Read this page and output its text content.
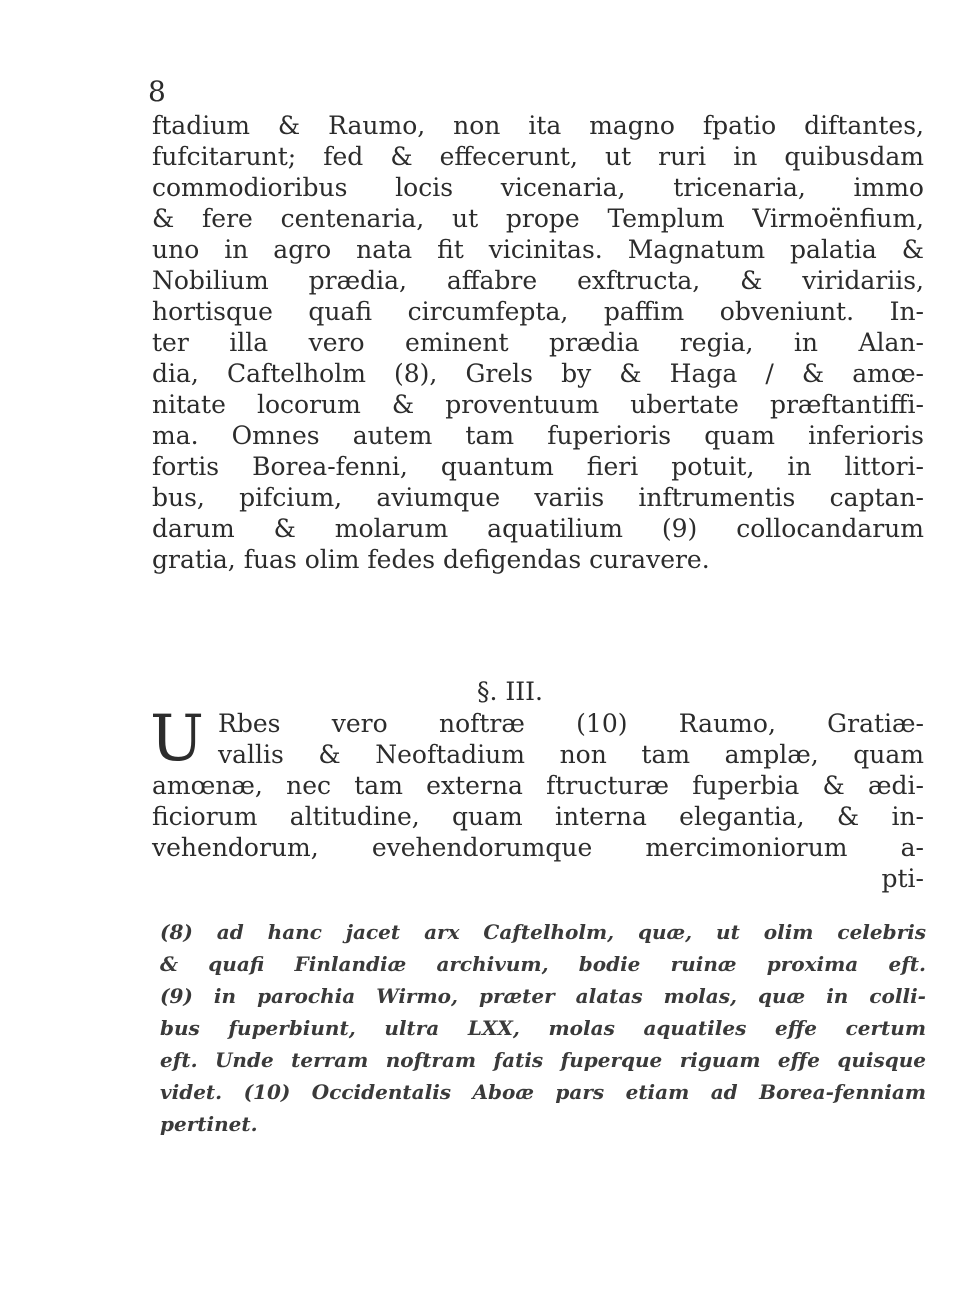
8
ftadium & Raumo, non ita magno fpatio diftantes,
fufcitarunt; fed & effecerunt, ut ruri in quibusdam
commodioribus locis vicenaria, tricenaria, immo
& fere centenaria, ut prope Templum Virmoënfium,
uno in agro nata fit vicinitas. Magnatum palatia &
Nobilium prædia, affabre exftructa, & viridariis,
hortisque quafi circumfepta, paffim obveniunt. In-
ter illa vero eminent prædia regia, in Alan-
dia, Caftelholm (8), Grels by & Haga / & amœ-
nitate locorum & proventuum ubertate præftantiffi-
ma. Omnes autem tam fuperioris quam inferioris
fortis Borea-fenni, quantum fieri potuit, in littori-
bus, pifcium, aviumque variis inftrumentis captan-
darum & molarum aquatilium (9) collocandarum
gratia, fuas olim fedes defigendas curavere.
§. III.
U Rbes vero noftræ (10) Raumo, Gratiæ-
vallis & Neoftadium non tam amplæ, quam
amœnæ, nec tam externa ftructuræ fuperbia & ædi-
ficiorum altitudine, quam interna elegantia, & in-
vehendorum, evehendorumque mercimoniorum a-
pti-
(8) ad hanc jacet arx Caftelholm, quæ, ut olim celebris
& quafi Finlandiæ archivum, bodie ruinæ proxima eft.
(9) in parochia Wirmo, præter alatas molas, quæ in colli-
bus fuperbiunt, ultra LXX, molas aquatiles effe certum
eft. Unde terram noftram fatis fuperque riguam effe quisque
videt. (10) Occidentalis Aboæ pars etiam ad Borea-fenniam
pertinet.
